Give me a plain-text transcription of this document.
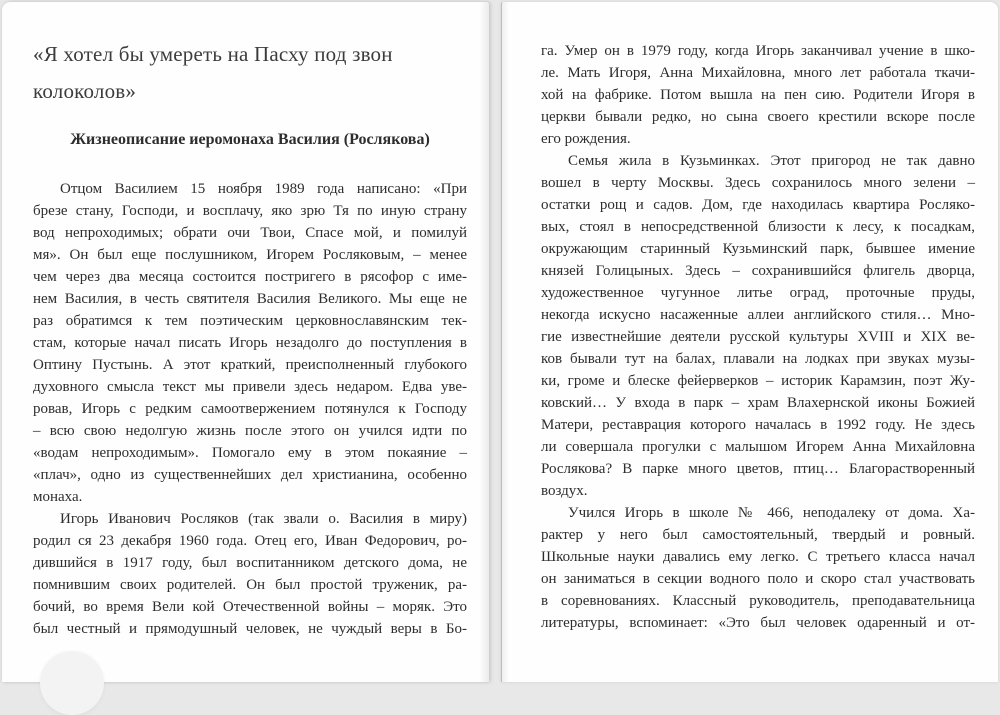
«Я хотел бы умереть на Пасху под звон
колоколов»
Жизнеописание иеромонаха Василия (Рослякова)
Отцом Василием 15 ноября 1989 года написано: «При
брезе стану, Господи, и восплачу, яко зрю Тя по иную страну
вод непроходимых; обрати очи Твои, Спасе мой, и помилуй
мя». Он был еще послушником, Игорем Росляковым, – менее
чем через два месяца состоится постригего в рясофор с име-
нем Василия, в честь святителя Василия Великого. Мы еще не
раз обратимся к тем поэтическим церковнославянским тек-
стам, которые начал писать Игорь незадолго до поступления в
Оптину Пустынь. А этот краткий, преисполненный глубокого
духовного смысла текст мы привели здесь недаром. Едва уве-
ровав, Игорь с редким самоотвержением потянулся к Господу
– всю свою недолгую жизнь после этого он учился идти по
«водам непроходимым». Помогало ему в этом покаяние –
«плач», одно из существеннейших дел христианина, особенно
монаха.
Игорь Иванович Росляков (так звали о. Василия в миру)
родил ся 23 декабря 1960 года. Отец его, Иван Федорович, ро-
дившийся в 1917 году, был воспитанником детского дома, не
помнившим своих родителей. Он был простой труженик, ра-
бочий, во время Вели кой Отечественной войны – моряк. Это
был честный и прямодушный человек, не чуждый веры в Бо-
га. Умер он в 1979 году, когда Игорь заканчивал учение в шко-
ле. Мать Игоря, Анна Михайловна, много лет работала ткачи-
хой на фабрике. Потом вышла на пен сию. Родители Игоря в
церкви бывали редко, но сына своего крестили вскоре после
его рождения.
Семья жила в Кузьминках. Этот пригород не так давно
вошел в черту Москвы. Здесь сохранилось много зелени –
остатки рощ и садов. Дом, где находилась квартира Росляко-
вых, стоял в непосредственной близости к лесу, к посадкам,
окружающим старинный Кузьминский парк, бывшее имение
князей Голицыных. Здесь – сохранившийся флигель дворца,
художественное чугунное литье оград, проточные пруды,
некогда искусно насаженные аллеи английского стиля… Мно-
гие известнейшие деятели русской культуры XVIII и XIX ве-
ков бывали тут на балах, плавали на лодках при звуках музы-
ки, громе и блеске фейерверков – историк Карамзин, поэт Жу-
ковский… У входа в парк – храм Влахернской иконы Божией
Матери, реставрация которого началась в 1992 году. Не здесь
ли совершала прогулки с малышом Игорем Анна Михайловна
Рослякова? В парке много цветов, птиц… Благорастворенный
воздух.
Учился Игорь в школе № 466, неподалеку от дома. Ха-
рактер у него был самостоятельный, твердый и ровный.
Школьные науки давались ему легко. С третьего класса начал
он заниматься в секции водного поло и скоро стал участвовать
в соревнованиях. Классный руководитель, преподавательница
литературы, вспоминает: «Это был человек одаренный и от-
